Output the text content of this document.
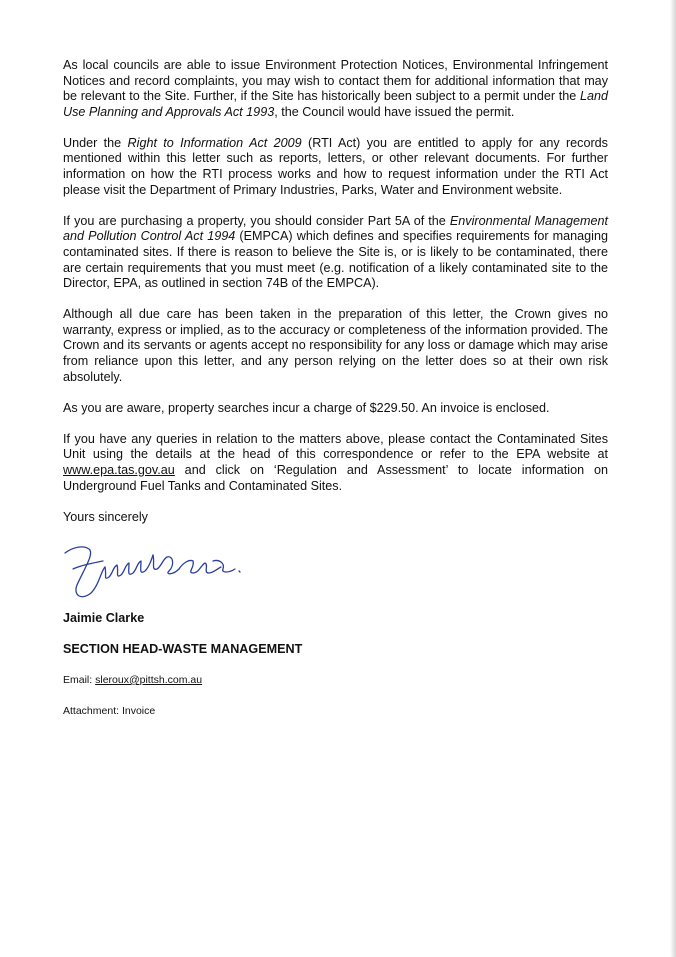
As local councils are able to issue Environment Protection Notices, Environmental Infringement Notices and record complaints, you may wish to contact them for additional information that may be relevant to the Site. Further, if the Site has historically been subject to a permit under the Land Use Planning and Approvals Act 1993, the Council would have issued the permit.

Under the Right to Information Act 2009 (RTI Act) you are entitled to apply for any records mentioned within this letter such as reports, letters, or other relevant documents. For further information on how the RTI process works and how to request information under the RTI Act please visit the Department of Primary Industries, Parks, Water and Environment website.

If you are purchasing a property, you should consider Part 5A of the Environmental Management and Pollution Control Act 1994 (EMPCA) which defines and specifies requirements for managing contaminated sites. If there is reason to believe the Site is, or is likely to be contaminated, there are certain requirements that you must meet (e.g. notification of a likely contaminated site to the Director, EPA, as outlined in section 74B of the EMPCA).

Although all due care has been taken in the preparation of this letter, the Crown gives no warranty, express or implied, as to the accuracy or completeness of the information provided. The Crown and its servants or agents accept no responsibility for any loss or damage which may arise from reliance upon this letter, and any person relying on the letter does so at their own risk absolutely.

As you are aware, property searches incur a charge of $229.50. An invoice is enclosed.

If you have any queries in relation to the matters above, please contact the Contaminated Sites Unit using the details at the head of this correspondence or refer to the EPA website at www.epa.tas.gov.au and click on ‘Regulation and Assessment’ to locate information on Underground Fuel Tanks and Contaminated Sites.

Yours sincerely

Jaimie Clarke

SECTION HEAD-WASTE MANAGEMENT

Email: sleroux@pittsh.com.au

Attachment: Invoice
